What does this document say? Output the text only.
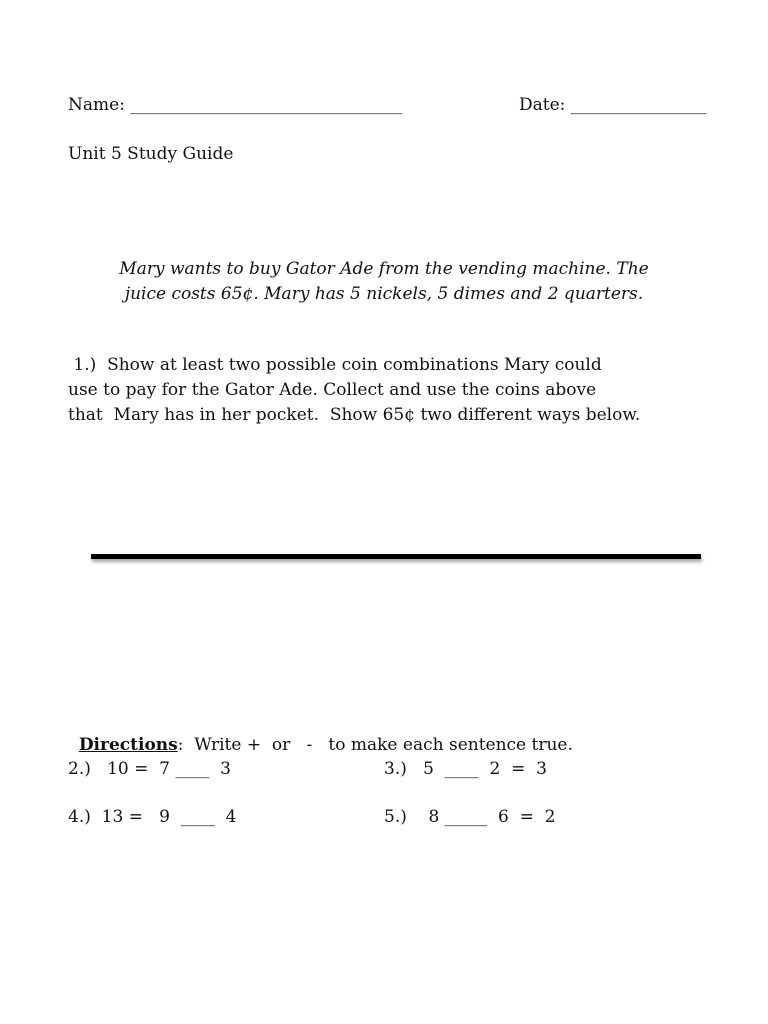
Name: ________________________________	Date: ________________
Unit 5 Study Guide
Mary wants to buy Gator Ade from the vending machine. The
juice costs 65¢. Mary has 5 nickels, 5 dimes and 2 quarters.
1.)  Show at least two possible coin combinations Mary could
use to pay for the Gator Ade. Collect and use the coins above
that  Mary has in her pocket.  Show 65¢ two different ways below.

Directions:  Write +  or   -   to make each sentence true.

2.)   10 =  7 ____  3	3.)   5  ____  2  =  3
4.)  13 =   9  ____  4	5.)    8 _____  6  =  2
